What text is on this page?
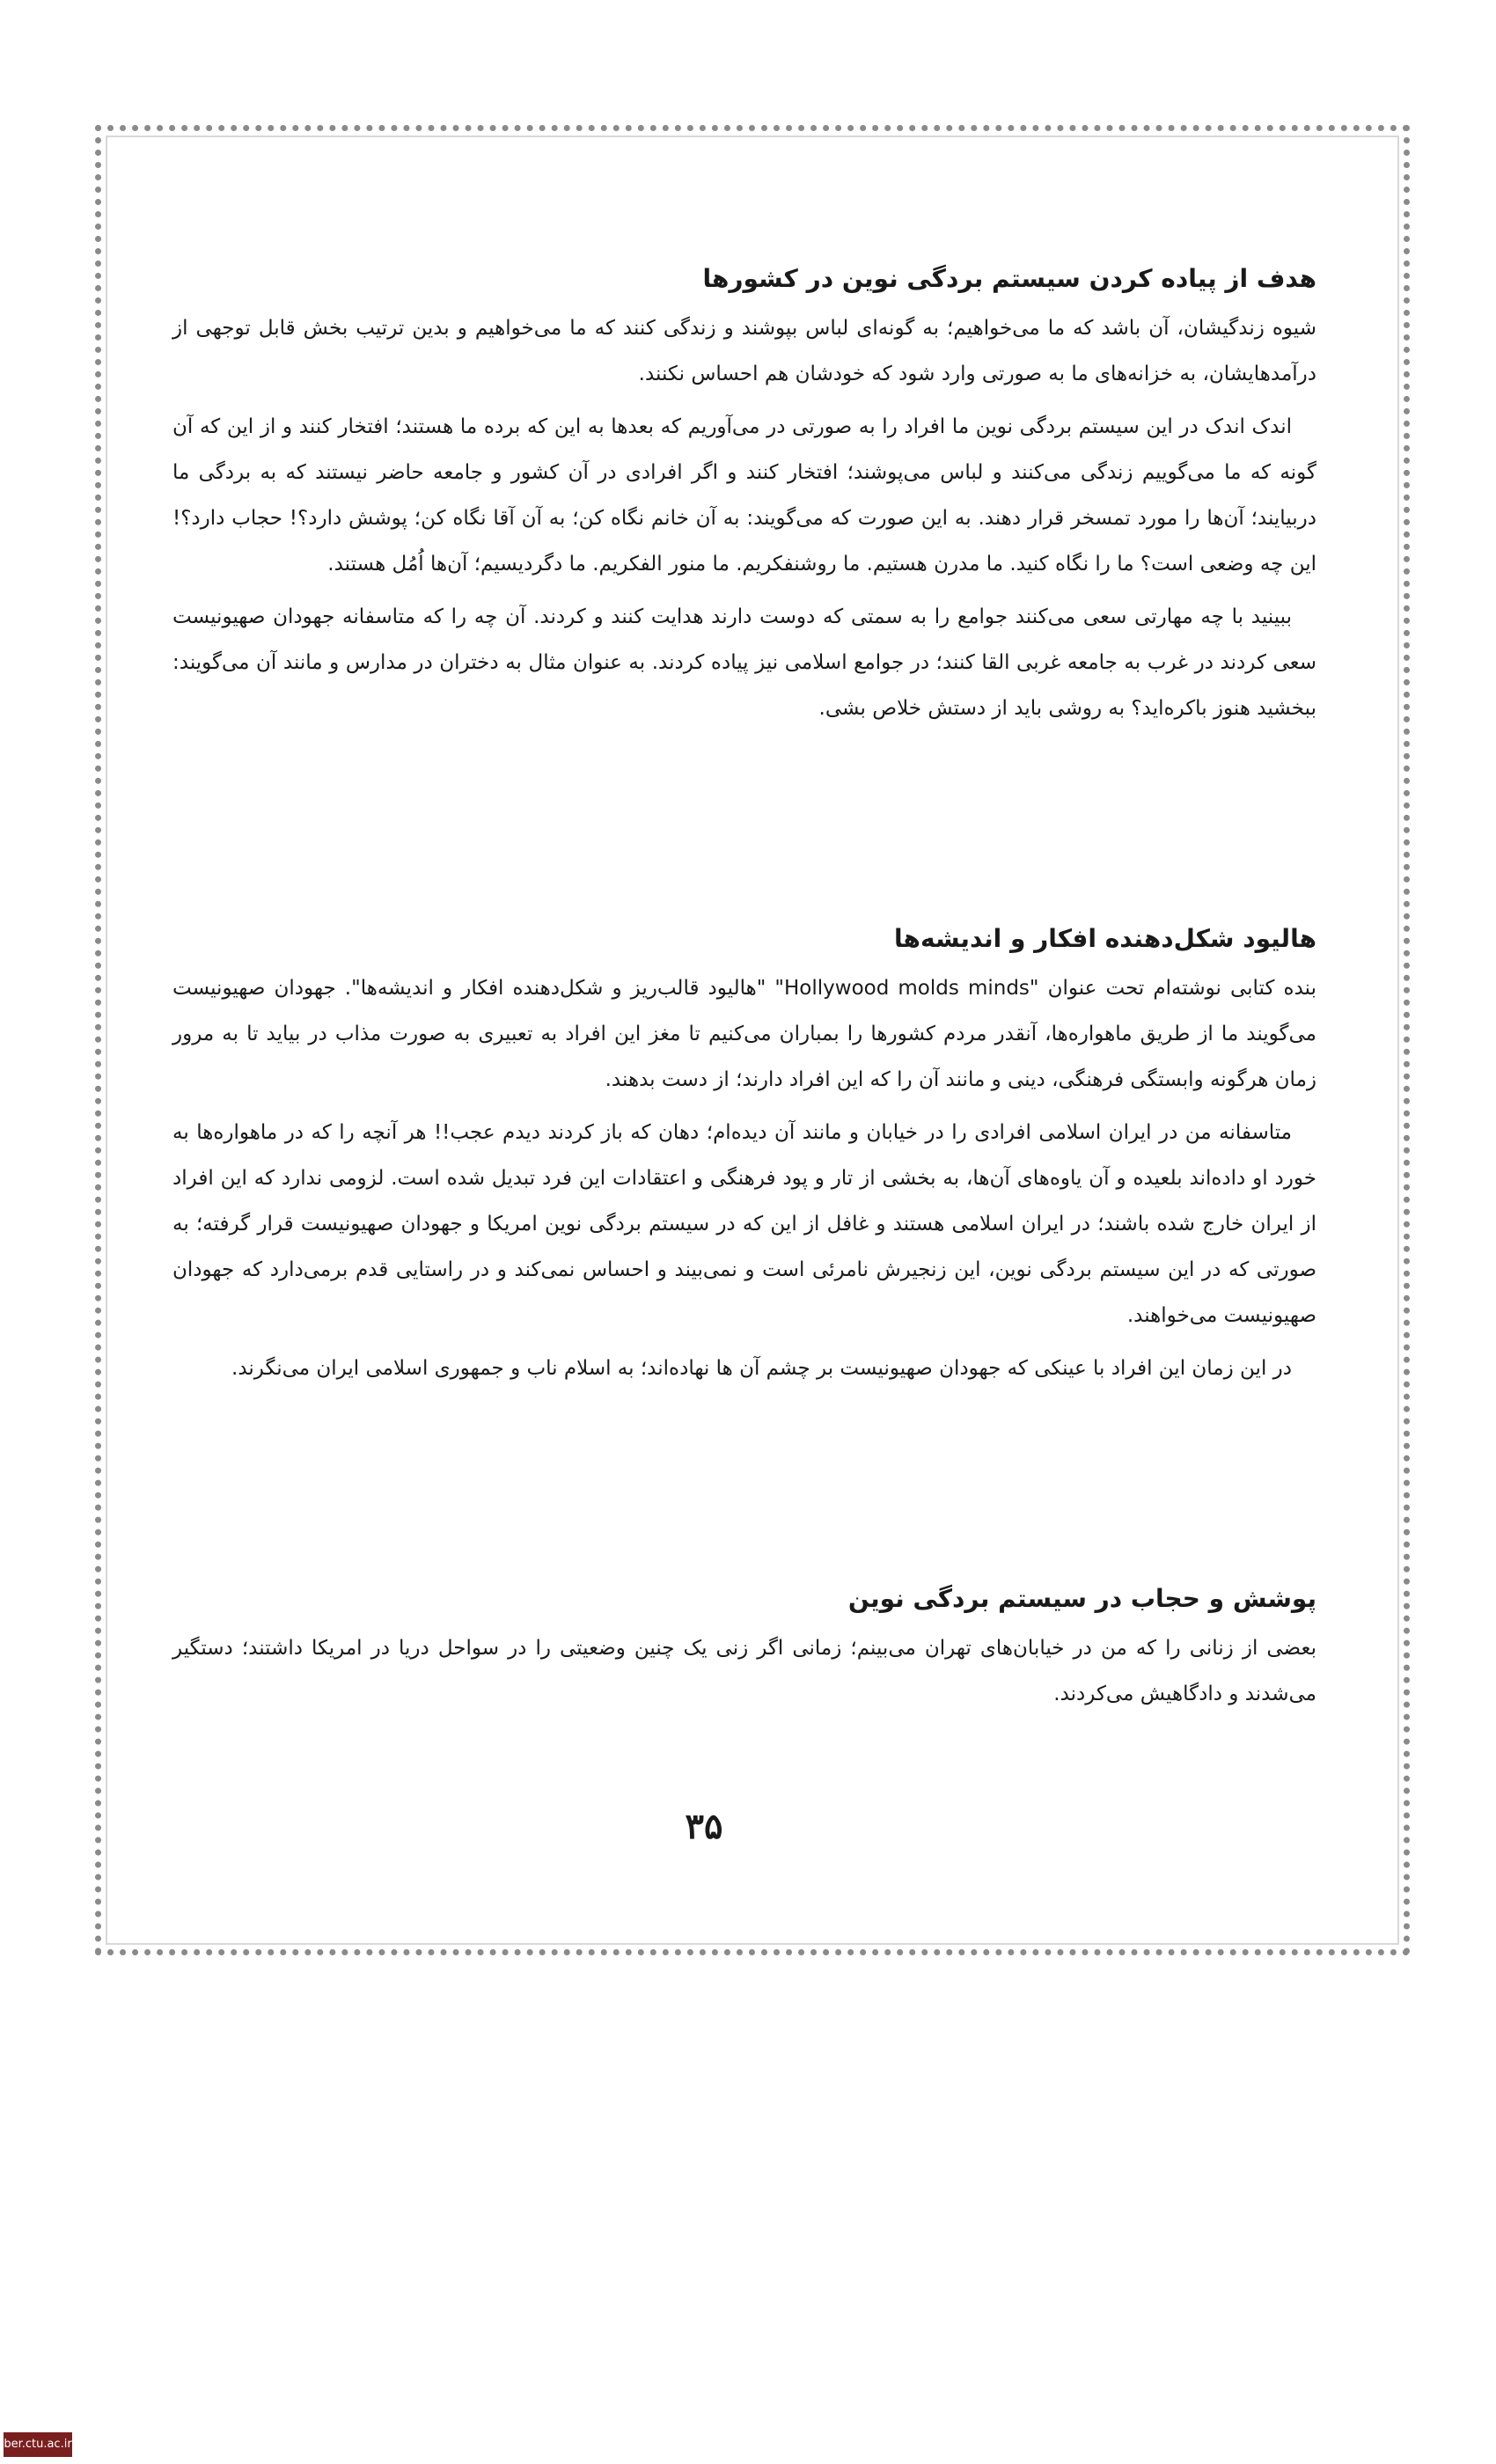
هدف از پیاده کردن سیستم بردگی نوین در کشورها

شیوه زندگیشان، آن باشد که ما می‌خواهیم؛ به گونه‌ای لباس بپوشند و زندگی کنند که ما می‌خواهیم و بدین ترتیب بخش قابل توجهی از درآمدهایشان، به خزانه‌های ما به صورتی وارد شود که خودشان هم احساس نکنند.

اندک اندک در این سیستم بردگی نوین ما افراد را به صورتی در می‌آوریم که بعدها به این که برده ما هستند؛ افتخار کنند و از این که آن گونه که ما می‌گوییم زندگی می‌کنند و لباس می‌پوشند؛ افتخار کنند و اگر افرادی در آن کشور و جامعه حاضر نیستند که به بردگی ما دربیایند؛ آن‌ها را مورد تمسخر قرار دهند. به این صورت که می‌گویند: به آن خانم نگاه کن؛ به آن آقا نگاه کن؛ پوشش دارد؟! حجاب دارد؟! این چه وضعی است؟ ما را نگاه کنید. ما مدرن هستیم. ما روشنفکریم. ما منور الفکریم. ما دگردیسیم؛ آن‌ها اُمُل هستند.

ببینید با چه مهارتی سعی می‌کنند جوامع را به سمتی که دوست دارند هدایت کنند و کردند. آن چه را که متاسفانه جهودان صهیونیست سعی کردند در غرب به جامعه غربی القا کنند؛ در جوامع اسلامی نیز پیاده کردند. به عنوان مثال به دختران در مدارس و مانند آن می‌گویند: ببخشید هنوز باکره‌اید؟ به روشی باید از دستش خلاص بشی.

هالیود شکل‌دهنده افکار و اندیشه‌ها

بنده کتابی نوشته‌ام تحت عنوان "Hollywood molds minds" "هالیود قالب‌ریز و شکل‌دهنده افکار و اندیشه‌ها". جهودان صهیونیست می‌گویند ما از طریق ماهواره‌ها، آنقدر مردم کشورها را بمباران می‌کنیم تا مغز این افراد به تعبیری به صورت مذاب در بیاید تا به مرور زمان هرگونه وابستگی فرهنگی، دینی و مانند آن را که این افراد دارند؛ از دست بدهند.

متاسفانه من در ایران اسلامی افرادی را در خیابان و مانند آن دیده‌ام؛ دهان که باز کردند دیدم عجب!! هر آنچه را که در ماهواره‌ها به خورد او داده‌اند بلعیده و آن یاوه‌های آن‌ها، به بخشی از تار و پود فرهنگی و اعتقادات این فرد تبدیل شده است. لزومی ندارد که این افراد از ایران خارج شده باشند؛ در ایران اسلامی هستند و غافل از این که در سیستم بردگی نوین امریکا و جهودان صهیونیست قرار گرفته؛ به صورتی که در این سیستم بردگی نوین، این زنجیرش نامرئی است و نمی‌بیند و احساس نمی‌کند و در راستایی قدم برمی‌دارد که جهودان صهیونیست می‌خواهند.

در این زمان این افراد با عینکی که جهودان صهیونیست بر چشم آن ها نهاده‌اند؛ به اسلام ناب و جمهوری اسلامی ایران می‌نگرند.

پوشش و حجاب در سیستم بردگی نوین

بعضی از زنانی را که من در خیابان‌های تهران می‌بینم؛ زمانی اگر زنی یک چنین وضعیتی را در سواحل دریا در امریکا داشتند؛ دستگیر می‌شدند و دادگاهیش می‌کردند.

۳۵
ber.ctu.ac.ir
